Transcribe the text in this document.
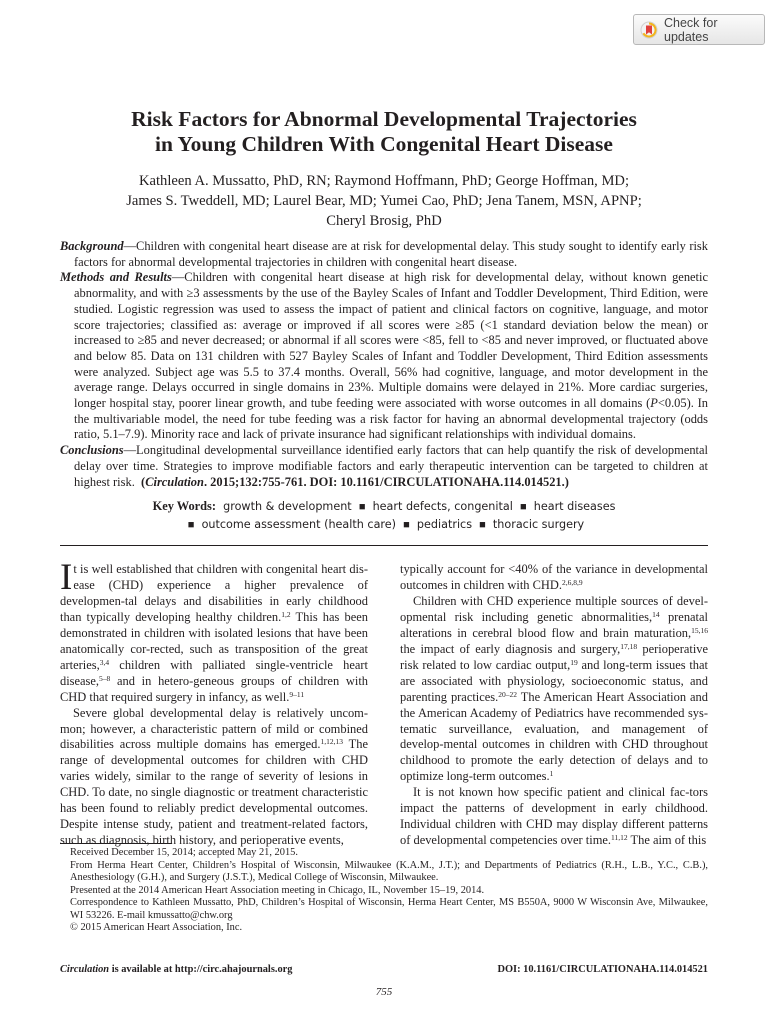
Check for updates
Risk Factors for Abnormal Developmental Trajectories
in Young Children With Congenital Heart Disease
Kathleen A. Mussatto, PhD, RN; Raymond Hoffmann, PhD; George Hoffman, MD;
James S. Tweddell, MD; Laurel Bear, MD; Yumei Cao, PhD; Jena Tanem, MSN, APNP;
Cheryl Brosig, PhD

Background—Children with congenital heart disease are at risk for developmental delay. This study sought to identify early risk factors for abnormal developmental trajectories in children with congenital heart disease.

Methods and Results—Children with congenital heart disease at high risk for developmental delay, without known genetic abnormality, and with ≥3 assessments by the use of the Bayley Scales of Infant and Toddler Development, Third Edition, were studied. Logistic regression was used to assess the impact of patient and clinical factors on cognitive, language, and motor score trajectories; classified as: average or improved if all scores were ≥85 (<1 standard deviation below the mean) or increased to ≥85 and never decreased; or abnormal if all scores were <85, fell to <85 and never improved, or fluctuated above and below 85. Data on 131 children with 527 Bayley Scales of Infant and Toddler Development, Third Edition assessments were analyzed. Subject age was 5.5 to 37.4 months. Overall, 56% had cognitive, language, and motor development in the average range. Delays occurred in single domains in 23%. Multiple domains were delayed in 21%. More cardiac surgeries, longer hospital stay, poorer linear growth, and tube feeding were associated with worse outcomes in all domains (P<0.05). In the multivariable model, the need for tube feeding was a risk factor for having an abnormal developmental trajectory (odds ratio, 5.1–7.9). Minority race and lack of private insurance had significant relationships with individual domains.

Conclusions—Longitudinal developmental surveillance identified early factors that can help quantify the risk of developmental delay over time. Strategies to improve modifiable factors and early therapeutic intervention can be targeted to children at highest risk. (Circulation. 2015;132:755-761. DOI: 10.1161/CIRCULATIONAHA.114.014521.)

Key Words: growth & development ■ heart defects, congenital ■ heart diseases
■ outcome assessment (health care) ■ pediatrics ■ thoracic surgery

It is well established that children with congenital heart dis-ease (CHD) experience a higher prevalence of developmen-tal delays and disabilities in early childhood than typically developing healthy children.$^{1,2}$ This has been demonstrated in children with isolated lesions that have been anatomically cor-rected, such as transposition of the great arteries,$^{3,4}$ children with palliated single-ventricle heart disease,$^{5-8}$ and in hetero-geneous groups of children with CHD that required surgery in infancy, as well.$^{9-11}$

Severe global developmental delay is relatively uncom-mon; however, a characteristic pattern of mild or combined disabilities across multiple domains has emerged.$^{1,12,13}$ The range of developmental outcomes for children with CHD varies widely, similar to the range of severity of lesions in CHD. To date, no single diagnostic or treatment characteristic has been found to reliably predict developmental outcomes. Despite intense study, patient and treatment-related factors, such as diagnosis, birth history, and perioperative events,

typically account for <40% of the variance in developmental outcomes in children with CHD.$^{2,6,8,9}$

Children with CHD experience multiple sources of devel-opmental risk including genetic abnormalities,$^{14}$ prenatal alterations in cerebral blood flow and brain maturation,$^{15,16}$ the impact of early diagnosis and surgery,$^{17,18}$ perioperative risk related to low cardiac output,$^{19}$ and long-term issues that are associated with physiology, socioeconomic status, and parenting practices.$^{20-22}$ The American Heart Association and the American Academy of Pediatrics have recommended sys-tematic surveillance, evaluation, and management of develop-mental outcomes in children with CHD throughout childhood to promote the early detection of delays and to optimize long-term outcomes.$^1$

It is not known how specific patient and clinical fac-tors impact the patterns of development in early childhood. Individual children with CHD may display different patterns of developmental competencies over time.$^{11,12}$ The aim of this

Received December 15, 2014; accepted May 21, 2015.

From Herma Heart Center, Children’s Hospital of Wisconsin, Milwaukee (K.A.M., J.T.); and Departments of Pediatrics (R.H., L.B., Y.C., C.B.), Anesthesiology (G.H.), and Surgery (J.S.T.), Medical College of Wisconsin, Milwaukee.

Presented at the 2014 American Heart Association meeting in Chicago, IL, November 15–19, 2014.

Correspondence to Kathleen Mussatto, PhD, Children’s Hospital of Wisconsin, Herma Heart Center, MS B550A, 9000 W Wisconsin Ave, Milwaukee, WI 53226. E-mail kmussatto@chw.org

© 2015 American Heart Association, Inc.

Circulation is available at http://circ.ahajournals.org	DOI: 10.1161/CIRCULATIONAHA.114.014521
755
